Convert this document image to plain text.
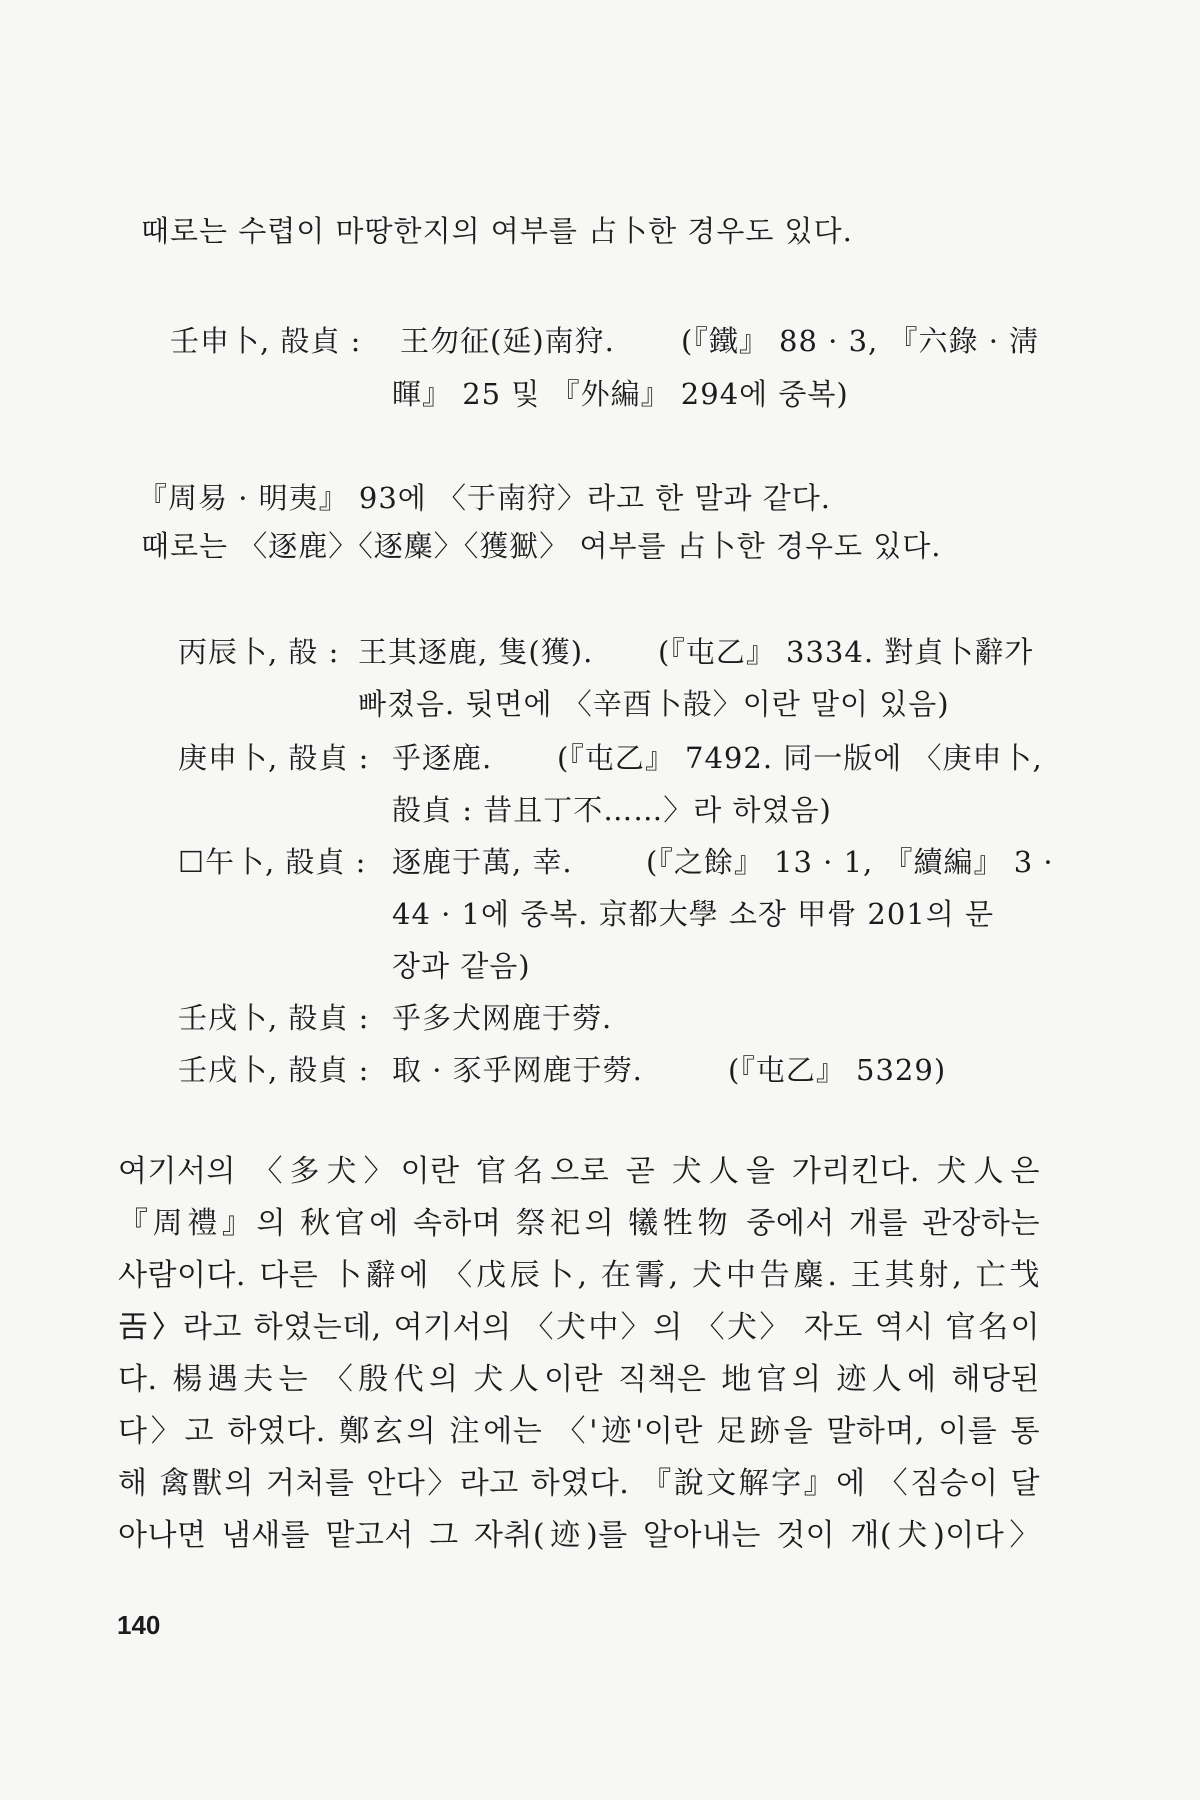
때로는 수렵이 마땅한지의 여부를 占卜한 경우도 있다.
壬申卜, 㱿貞 : 王勿征(延)南狩. (『鐵』 88 · 3, 『六錄 · 淸
暉』 25 및 『外編』 294에 중복)
『周易 · 明夷』 93에 〈于南狩〉라고 한 말과 같다.
때로는 〈逐鹿〉〈逐麋〉〈獲㺇〉 여부를 占卜한 경우도 있다.
丙辰卜, 㱿 : 王其逐鹿, 隻(獲). (『屯乙』 3334. 對貞卜辭가
빠졌음. 뒷면에 〈辛酉卜㱿〉이란 말이 있음)
庚申卜, 㱿貞 : 乎逐鹿. (『屯乙』 7492. 同一版에 〈庚申卜,
㱿貞 : 昔且丁不……〉라 하였음)
☐午卜, 㱿貞 : 逐鹿于萬, 幸.	(『之餘』 13 · 1, 『續編』 3 ·
44 · 1에 중복. 京都大學 소장 甲骨 201의 문
장과 같음)
壬戌卜, 㱿貞 : 乎多犬网鹿于䓖.
壬戌卜, 㱿貞 : 取 · 豕乎网鹿于䓖.	(『屯乙』 5329)
여기서의 〈多犬〉이란 官名으로 곧 犬人을 가리킨다. 犬人은
『周禮』의 秋官에 속하며 祭祀의 犧牲物 중에서 개를 관장하는
사람이다. 다른 卜辭에 〈戊辰卜, 在䨝, 犬中告麋. 王其射, 亡𢦏
𢀛〉라고 하였는데, 여기서의 〈犬中〉의 〈犬〉 자도 역시 官名이
다. 楊遇夫는 〈殷代의 犬人이란 직책은 地官의 迹人에 해당된
다〉고 하였다. 鄭玄의 注에는 〈'迹'이란 足跡을 말하며, 이를 통
해 禽獸의 거처를 안다〉라고 하였다. 『說文解字』에 〈짐승이 달
아나면 냄새를 맡고서 그 자취(迹)를 알아내는 것이 개(犬)이다〉
140
